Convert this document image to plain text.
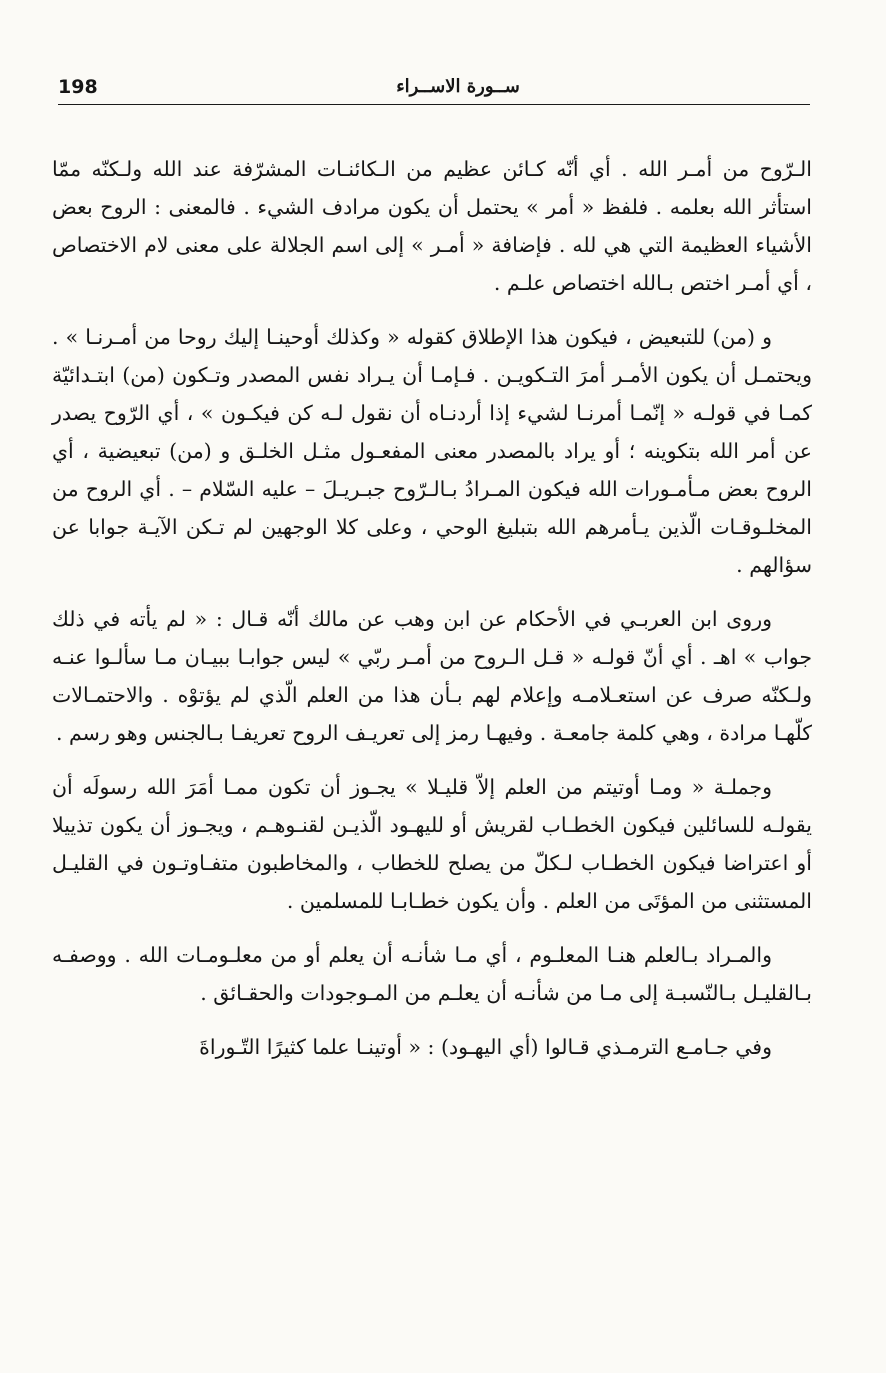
198	ســورة الاســراء

الـرّوح من أمـر الله . أي أنّه كـائن عظيم من الـكائنـات المشرّفة عند الله ولـكنّه ممّا استأثر الله بعلمه . فلفظ « أمر » يحتمل أن يكون مرادف الشيء . فالمعنى : الروح بعض الأشياء العظيمة التي هي لله . فإضافة « أمـر » إلى اسم الجلالة على معنى لام الاختصاص ، أي أمـر اختص بـالله اختصاص علـم .

و (من) للتبعيض ، فيكون هذا الإطلاق كقوله « وكذلك أوحينـا إليك روحا من أمـرنـا » . ويحتمـل أن يكون الأمـر أمرَ التـكويـن . فـإمـا أن يـراد نفس المصدر وتـكون (من) ابتـدائيّة كمـا في قولـه « إنّمـا أمرنـا لشيء إذا أردنـاه أن نقول لـه كن فيكـون » ، أي الرّوح يصدر عن أمر الله بتكوينه ؛ أو يراد بالمصدر معنى المفعـول مثـل الخلـق و (من) تبعيضية ، أي الروح بعض مـأمـورات الله فيكون المـرادُ بـالـرّوح جبـريـلَ – عليه السّلام – . أي الروح من المخلـوقـات الّذين يـأمرهم الله بتبليغ الوحي ، وعلى كلا الوجهين لم تـكن الآيـة جوابا عن سؤالهم .

وروى ابن العربـي في الأحكام عن ابن وهب عن مالك أنّه قـال : « لم يأته في ذلك جواب » اهـ . أي أنّ قولـه « قـل الـروح من أمـر ربّي » ليس جوابـا ببيـان مـا سألـوا عنـه ولـكنّه صرف عن استعـلامـه وإعلام لهم بـأن هذا من العلم الّذي لم يؤتوْه . والاحتمـالات كلّهـا مرادة ، وهي كلمة جامعـة . وفيهـا رمز إلى تعريـف الروح تعريفـا بـالجنس وهو رسم .

وجملـة « ومـا أوتيتم من العلم إلاّ قليـلا » يجـوز أن تكون ممـا أمَرَ الله رسولَه أن يقولـه للسائلين فيكون الخطـاب لقريش أو لليهـود الّذيـن لقنـوهـم ، ويجـوز أن يكون تذييلا أو اعتراضا فيكون الخطـاب لـكلّ من يصلح للخطاب ، والمخاطبون متفـاوتـون في القليـل المستثنى من المؤتَى من العلم . وأن يكون خطـابـا للمسلمين .

والمـراد بـالعلم هنـا المعلـوم ، أي مـا شأنـه أن يعلم أو من معلـومـات الله . ووصفـه بـالقليـل بـالنّسبـة إلى مـا من شأنـه أن يعلـم من المـوجودات والحقـائق .

وفي جـامـع الترمـذي قـالوا (أي اليهـود) : « أوتينـا علما كثيرًا التّـوراةَ
